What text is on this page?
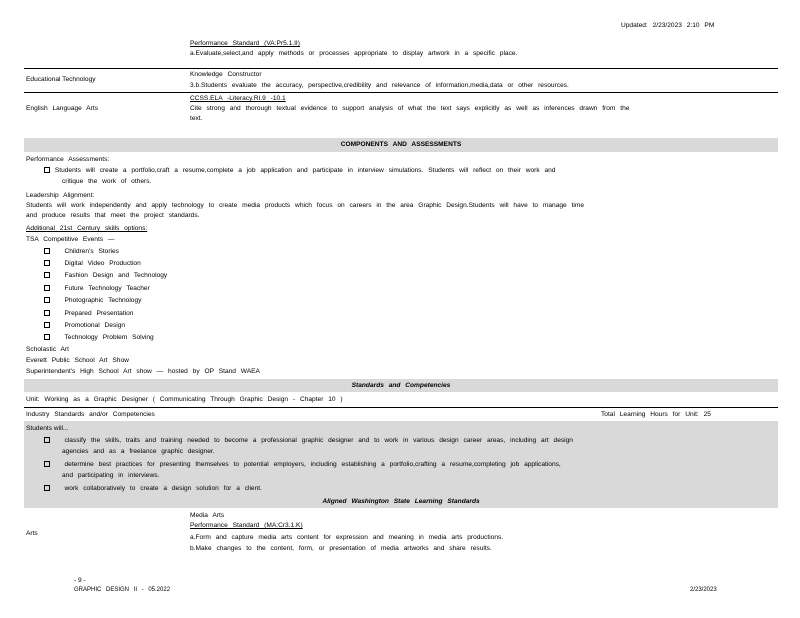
Updated: 2/23/2023 2:10 PM
Performance Standard (VA:Pr5.1.II)
a.Evaluate,select,and apply methods or processes appropriate to display artwork in a specific place.
Educational Technology
Knowledge Constructor
3.b.Students evaluate the accuracy, perspective,credibility and relevance of information,media,data or other resources.
English Language Arts
CCSS.ELA -Literacy.RI.9 -10.1
Cite strong and thorough textual evidence to support analysis of what the text says explicitly as well as inferences drawn from the
text.
COMPONENTS AND ASSESSMENTS
Performance Assessments:
Students will create a portfolio,craft a resume,complete a job application and participate in interview simulations. Students will reflect on their work and
critique the work of others.
Leadership Alignment:
Students will work independently and apply technology to create media products which focus on careers in the area Graphic Design.Students will have to manage time
and produce results that meet the project standards.
Additional 21st Century skills options:
TSA Competitive Events —
Children's Stories
Digital Video Production
Fashion Design and Technology
Future Technology Teacher
Photographic Technology
Prepared Presentation
Promotional Design
Technology Problem Solving
Scholastic Art
Everett Public School Art Show
Superintendent's High School Art show — hosted by OP Stand WAEA
Standards and Competencies
Unit: Working as a Graphic Designer ( Communicating Through Graphic Design - Chapter 10 )
Industry Standards and/or Competencies	Total Learning Hours for Unit: 25
Students will...
classify the skills, traits and training needed to become a professional graphic designer and to work in various design career areas, including art design
agencies and as a freelance graphic designer.
determine best practices for presenting themselves to potential employers, including establishing a portfolio,crafting a resume,completing job applications,
and participating in interviews.
work collaboratively to create a design solution for a client.
Aligned Washington State Learning Standards
Arts
Media Arts
Performance Standard (MA:Cr3.1.K)
a.Form and capture media arts content for expression and meaning in media arts productions.
b.Make changes to the content, form, or presentation of media artworks and share results.
- 9 -
GRAPHIC DESIGN II - 05.2022	2/23/2023
